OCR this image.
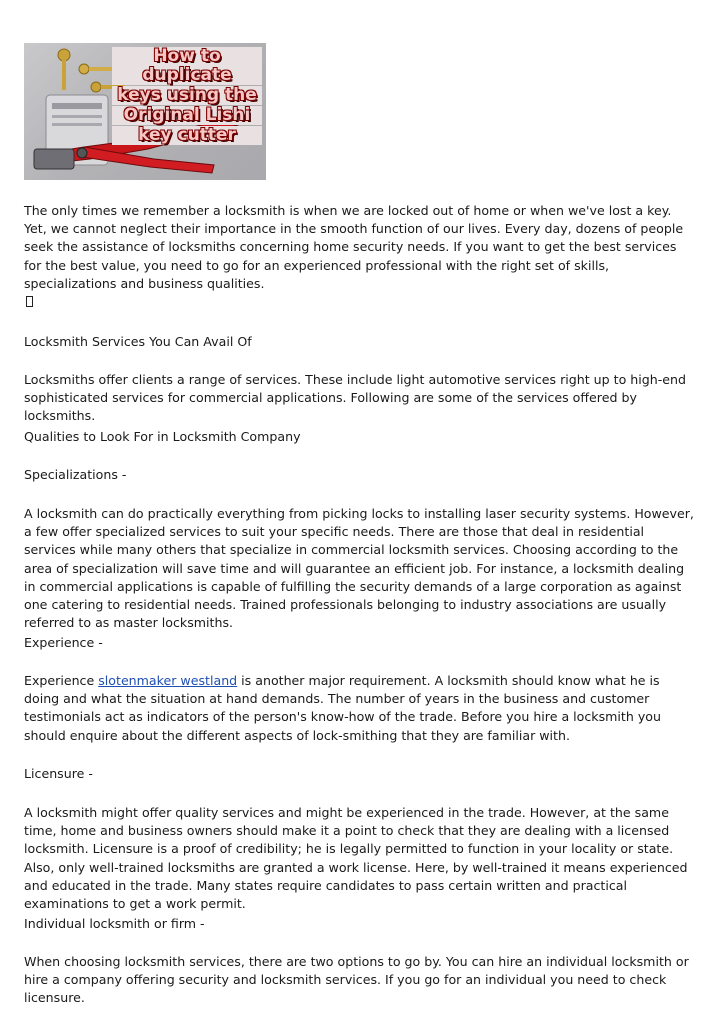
How to duplicate
keys using the
Original Lishi
key cutter

The only times we remember a locksmith is when we are locked out of home or when we've lost a key. Yet, we cannot neglect their importance in the smooth function of our lives. Every day, dozens of people seek the assistance of locksmiths concerning home security needs. If you want to get the best services for the best value, you need to go for an experienced professional with the right set of skills, specializations and business qualities.

Locksmith Services You Can Avail Of

Locksmiths offer clients a range of services. These include light automotive services right up to high-end sophisticated services for commercial applications. Following are some of the services offered by locksmiths.

Qualities to Look For in Locksmith Company

Specializations -

A locksmith can do practically everything from picking locks to installing laser security systems. However, a few offer specialized services to suit your specific needs. There are those that deal in residential services while many others that specialize in commercial locksmith services. Choosing according to the area of specialization will save time and will guarantee an efficient job. For instance, a locksmith dealing in commercial applications is capable of fulfilling the security demands of a large corporation as against one catering to residential needs. Trained professionals belonging to industry associations are usually referred to as master locksmiths.

Experience -

Experience slotenmaker westland is another major requirement. A locksmith should know what he is doing and what the situation at hand demands. The number of years in the business and customer testimonials act as indicators of the person's know-how of the trade. Before you hire a locksmith you should enquire about the different aspects of lock-smithing that they are familiar with.

Licensure -

A locksmith might offer quality services and might be experienced in the trade. However, at the same time, home and business owners should make it a point to check that they are dealing with a licensed locksmith. Licensure is a proof of credibility; he is legally permitted to function in your locality or state. Also, only well-trained locksmiths are granted a work license. Here, by well-trained it means experienced and educated in the trade. Many states require candidates to pass certain written and practical examinations to get a work permit.

Individual locksmith or firm -

When choosing locksmith services, there are two options to go by. You can hire an individual locksmith or hire a company offering security and locksmith services. If you go for an individual you need to check licensure.
